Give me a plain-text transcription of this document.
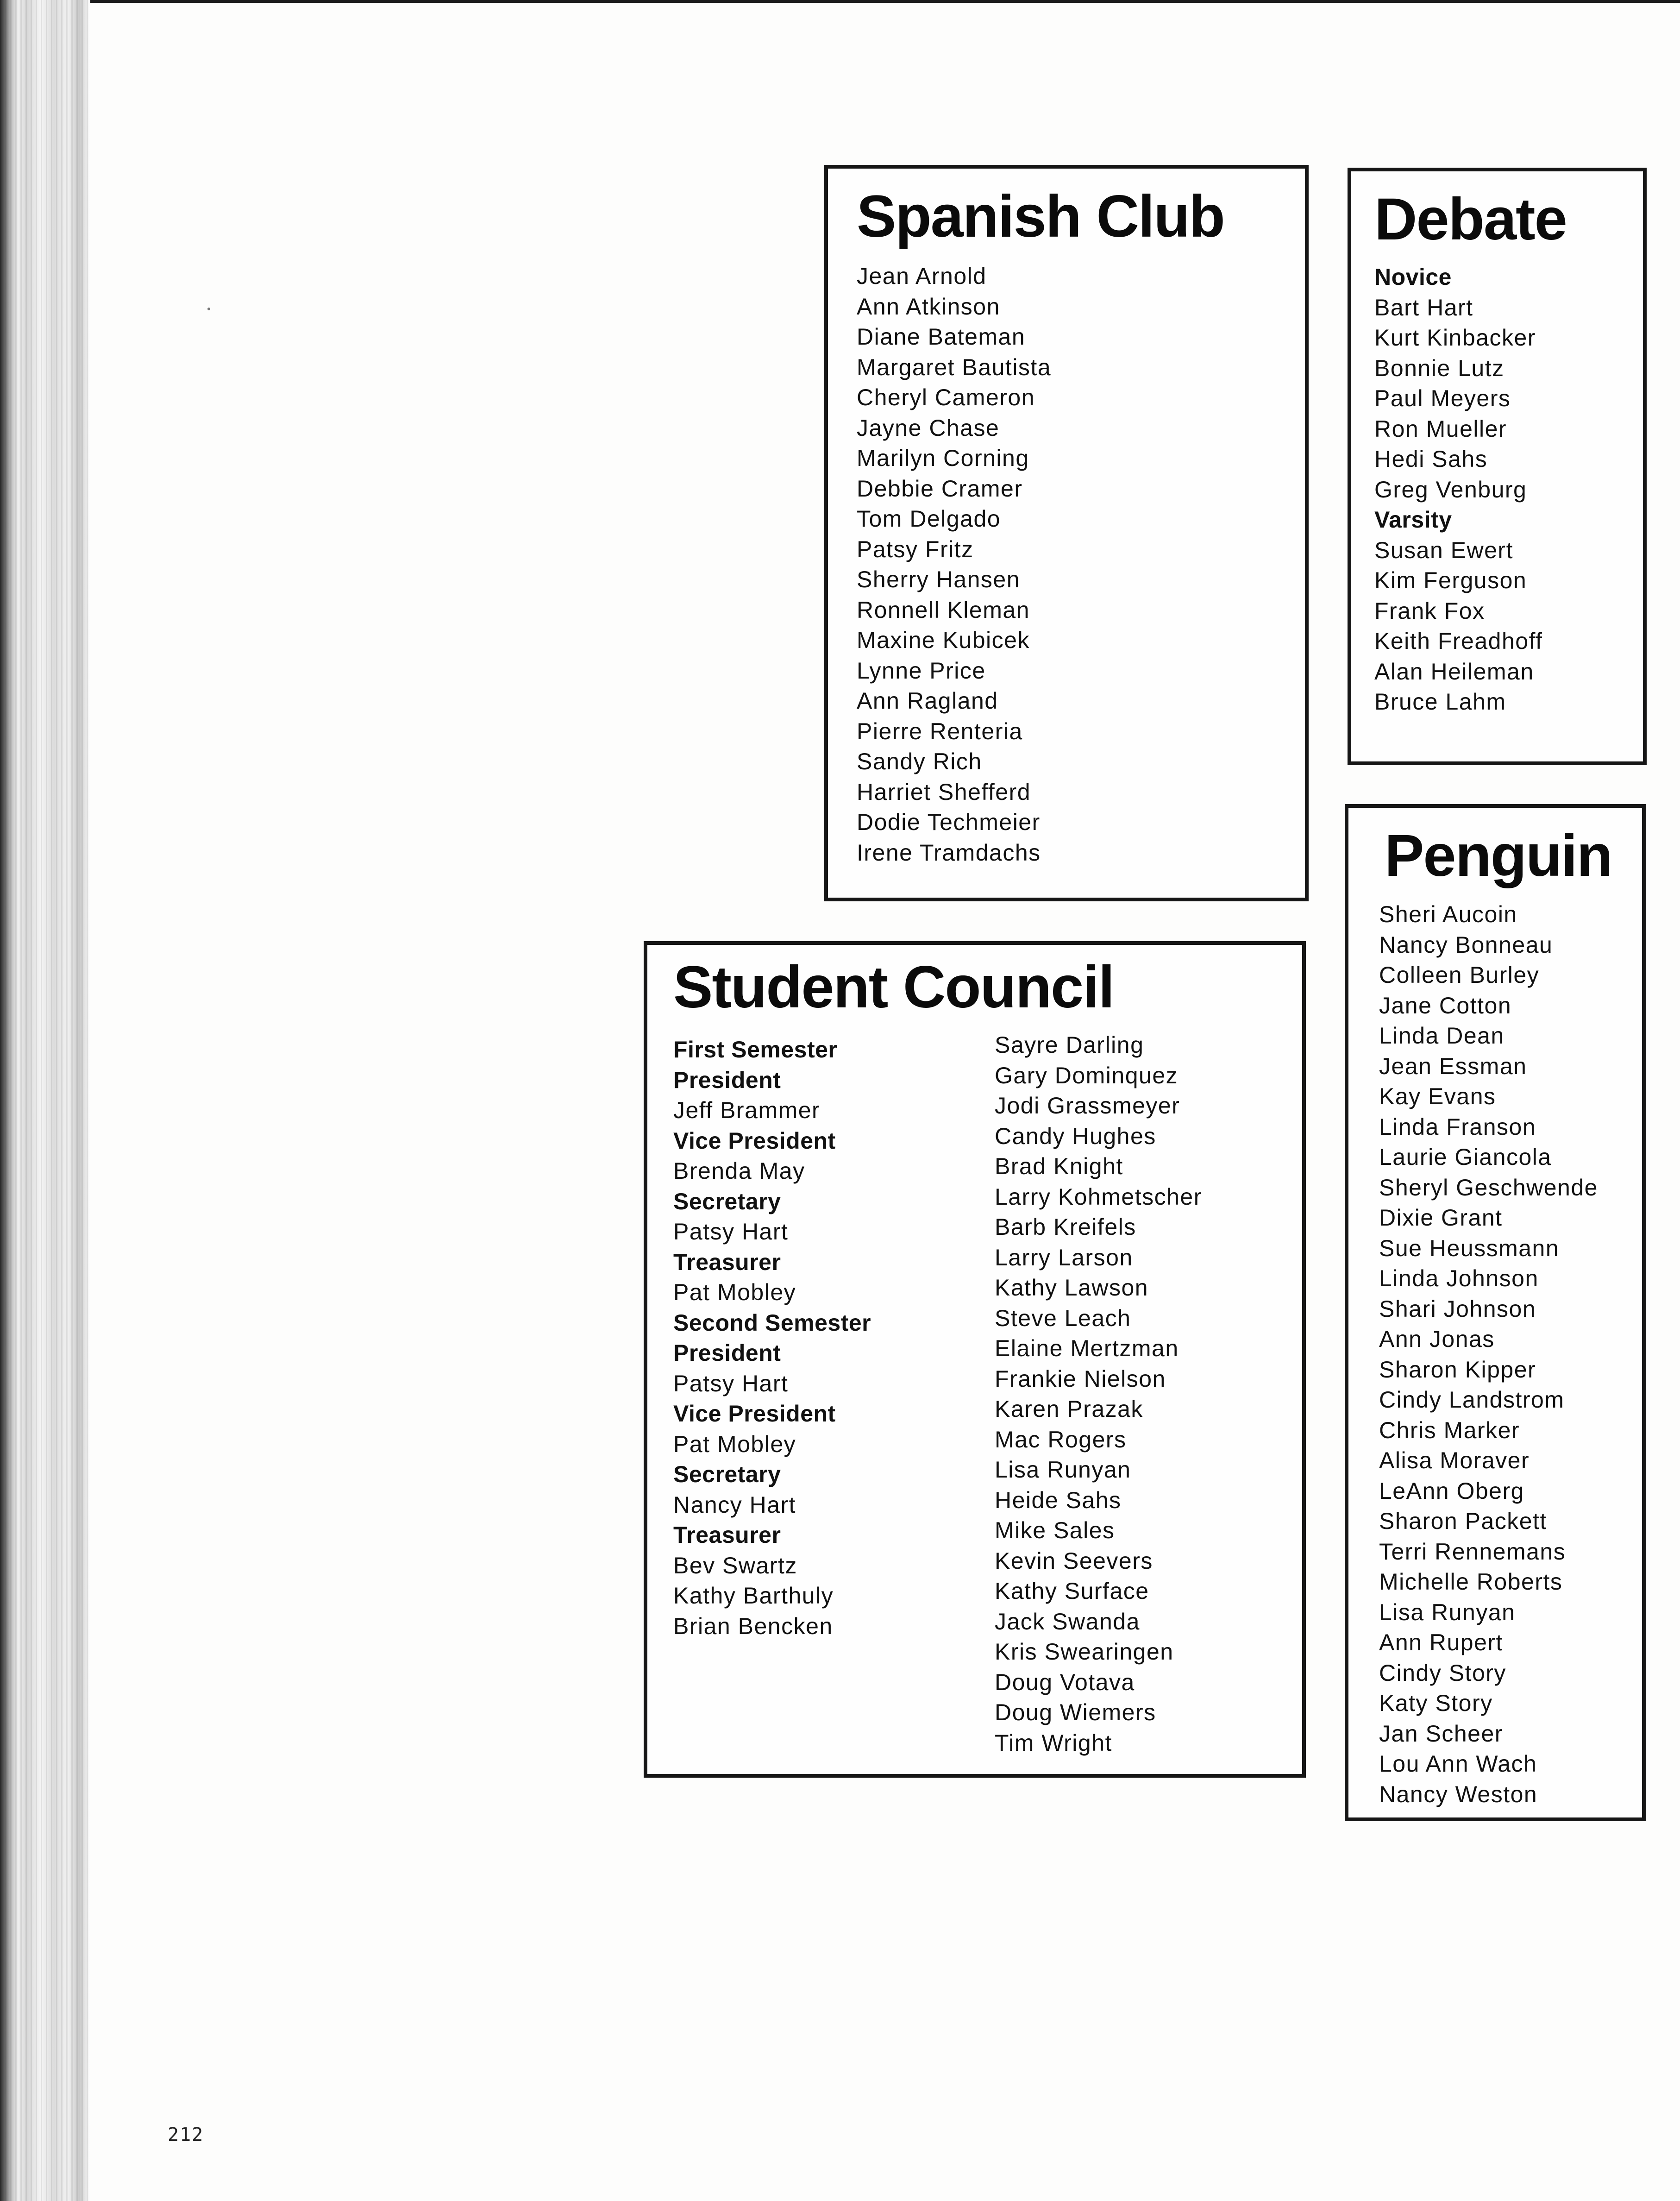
Spanish Club
Jean Arnold
Ann Atkinson
Diane Bateman
Margaret Bautista
Cheryl Cameron
Jayne Chase
Marilyn Corning
Debbie Cramer
Tom Delgado
Patsy Fritz
Sherry Hansen
Ronnell Kleman
Maxine Kubicek
Lynne Price
Ann Ragland
Pierre Renteria
Sandy Rich
Harriet Shefferd
Dodie Techmeier
Irene Tramdachs
Debate
Novice
Bart Hart
Kurt Kinbacker
Bonnie Lutz
Paul Meyers
Ron Mueller
Hedi Sahs
Greg Venburg
Varsity
Susan Ewert
Kim Ferguson
Frank Fox
Keith Freadhoff
Alan Heileman
Bruce Lahm
Penguin
Sheri Aucoin
Nancy Bonneau
Colleen Burley
Jane Cotton
Linda Dean
Jean Essman
Kay Evans
Linda Franson
Laurie Giancola
Sheryl Geschwende
Dixie Grant
Sue Heussmann
Linda Johnson
Shari Johnson
Ann Jonas
Sharon Kipper
Cindy Landstrom
Chris Marker
Alisa Moraver
LeAnn Oberg
Sharon Packett
Terri Rennemans
Michelle Roberts
Lisa Runyan
Ann Rupert
Cindy Story
Katy Story
Jan Scheer
Lou Ann Wach
Nancy Weston
Student Council
First Semester
President
Jeff Brammer
Vice President
Brenda May
Secretary
Patsy Hart
Treasurer
Pat Mobley
Second Semester
President
Patsy Hart
Vice President
Pat Mobley
Secretary
Nancy Hart
Treasurer
Bev Swartz
Kathy Barthuly
Brian Bencken
Sayre Darling
Gary Dominquez
Jodi Grassmeyer
Candy Hughes
Brad Knight
Larry Kohmetscher
Barb Kreifels
Larry Larson
Kathy Lawson
Steve Leach
Elaine Mertzman
Frankie Nielson
Karen Prazak
Mac Rogers
Lisa Runyan
Heide Sahs
Mike Sales
Kevin Seevers
Kathy Surface
Jack Swanda
Kris Swearingen
Doug Votava
Doug Wiemers
Tim Wright
212
